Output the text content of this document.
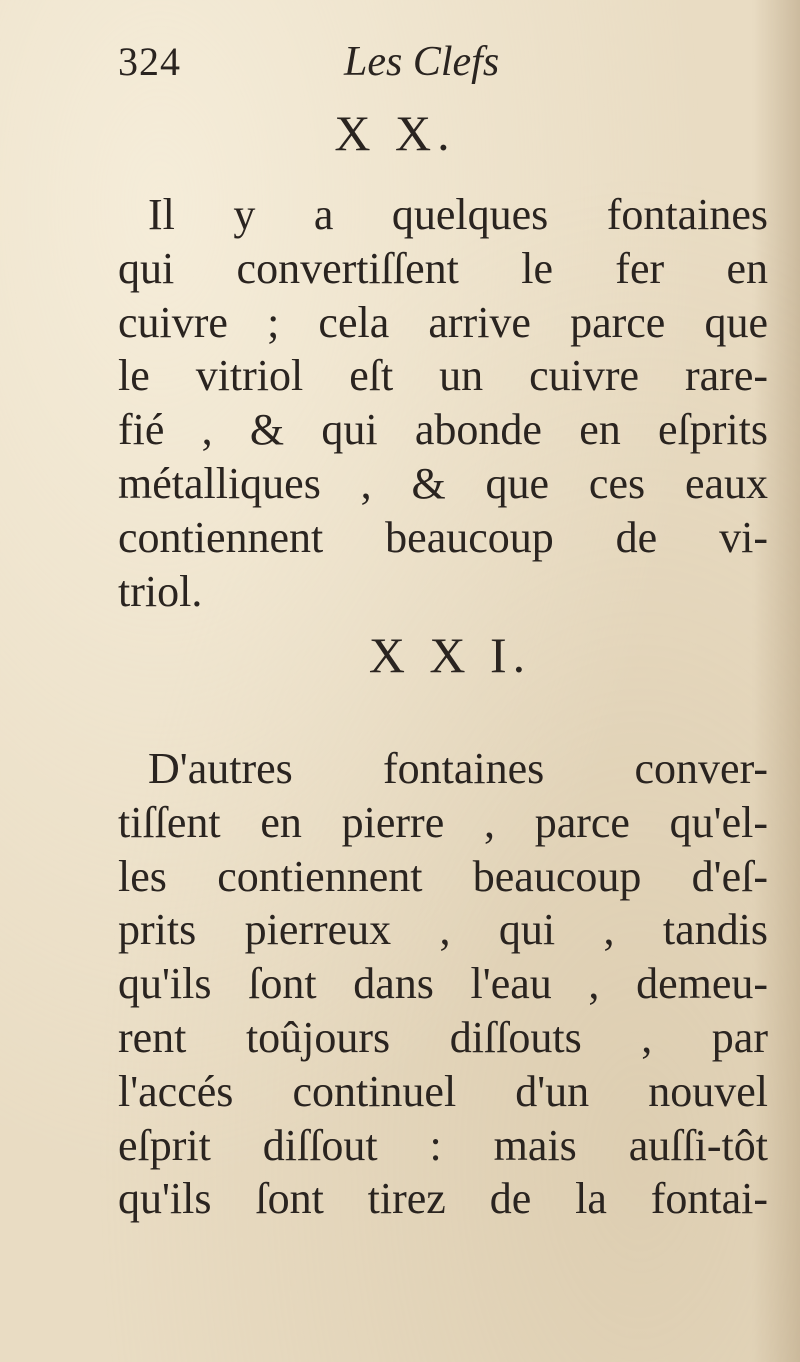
324	Les Clefs
X X.
Il y a quelques fontaines
qui convertiſſent le fer en
cuivre ; cela arrive parce que
le vitriol eſt un cuivre rare-
fié , & qui abonde en eſprits
métalliques , & que ces eaux
contiennent beaucoup de vi-
triol.
X X I.
D'autres fontaines conver-
tiſſent en pierre , parce qu'el-
les contiennent beaucoup d'eſ-
prits pierreux , qui , tandis
qu'ils ſont dans l'eau , demeu-
rent toûjours diſſouts , par
l'accés continuel d'un nouvel
eſprit diſſout : mais auſſi-tôt
qu'ils ſont tirez de la fontai-
